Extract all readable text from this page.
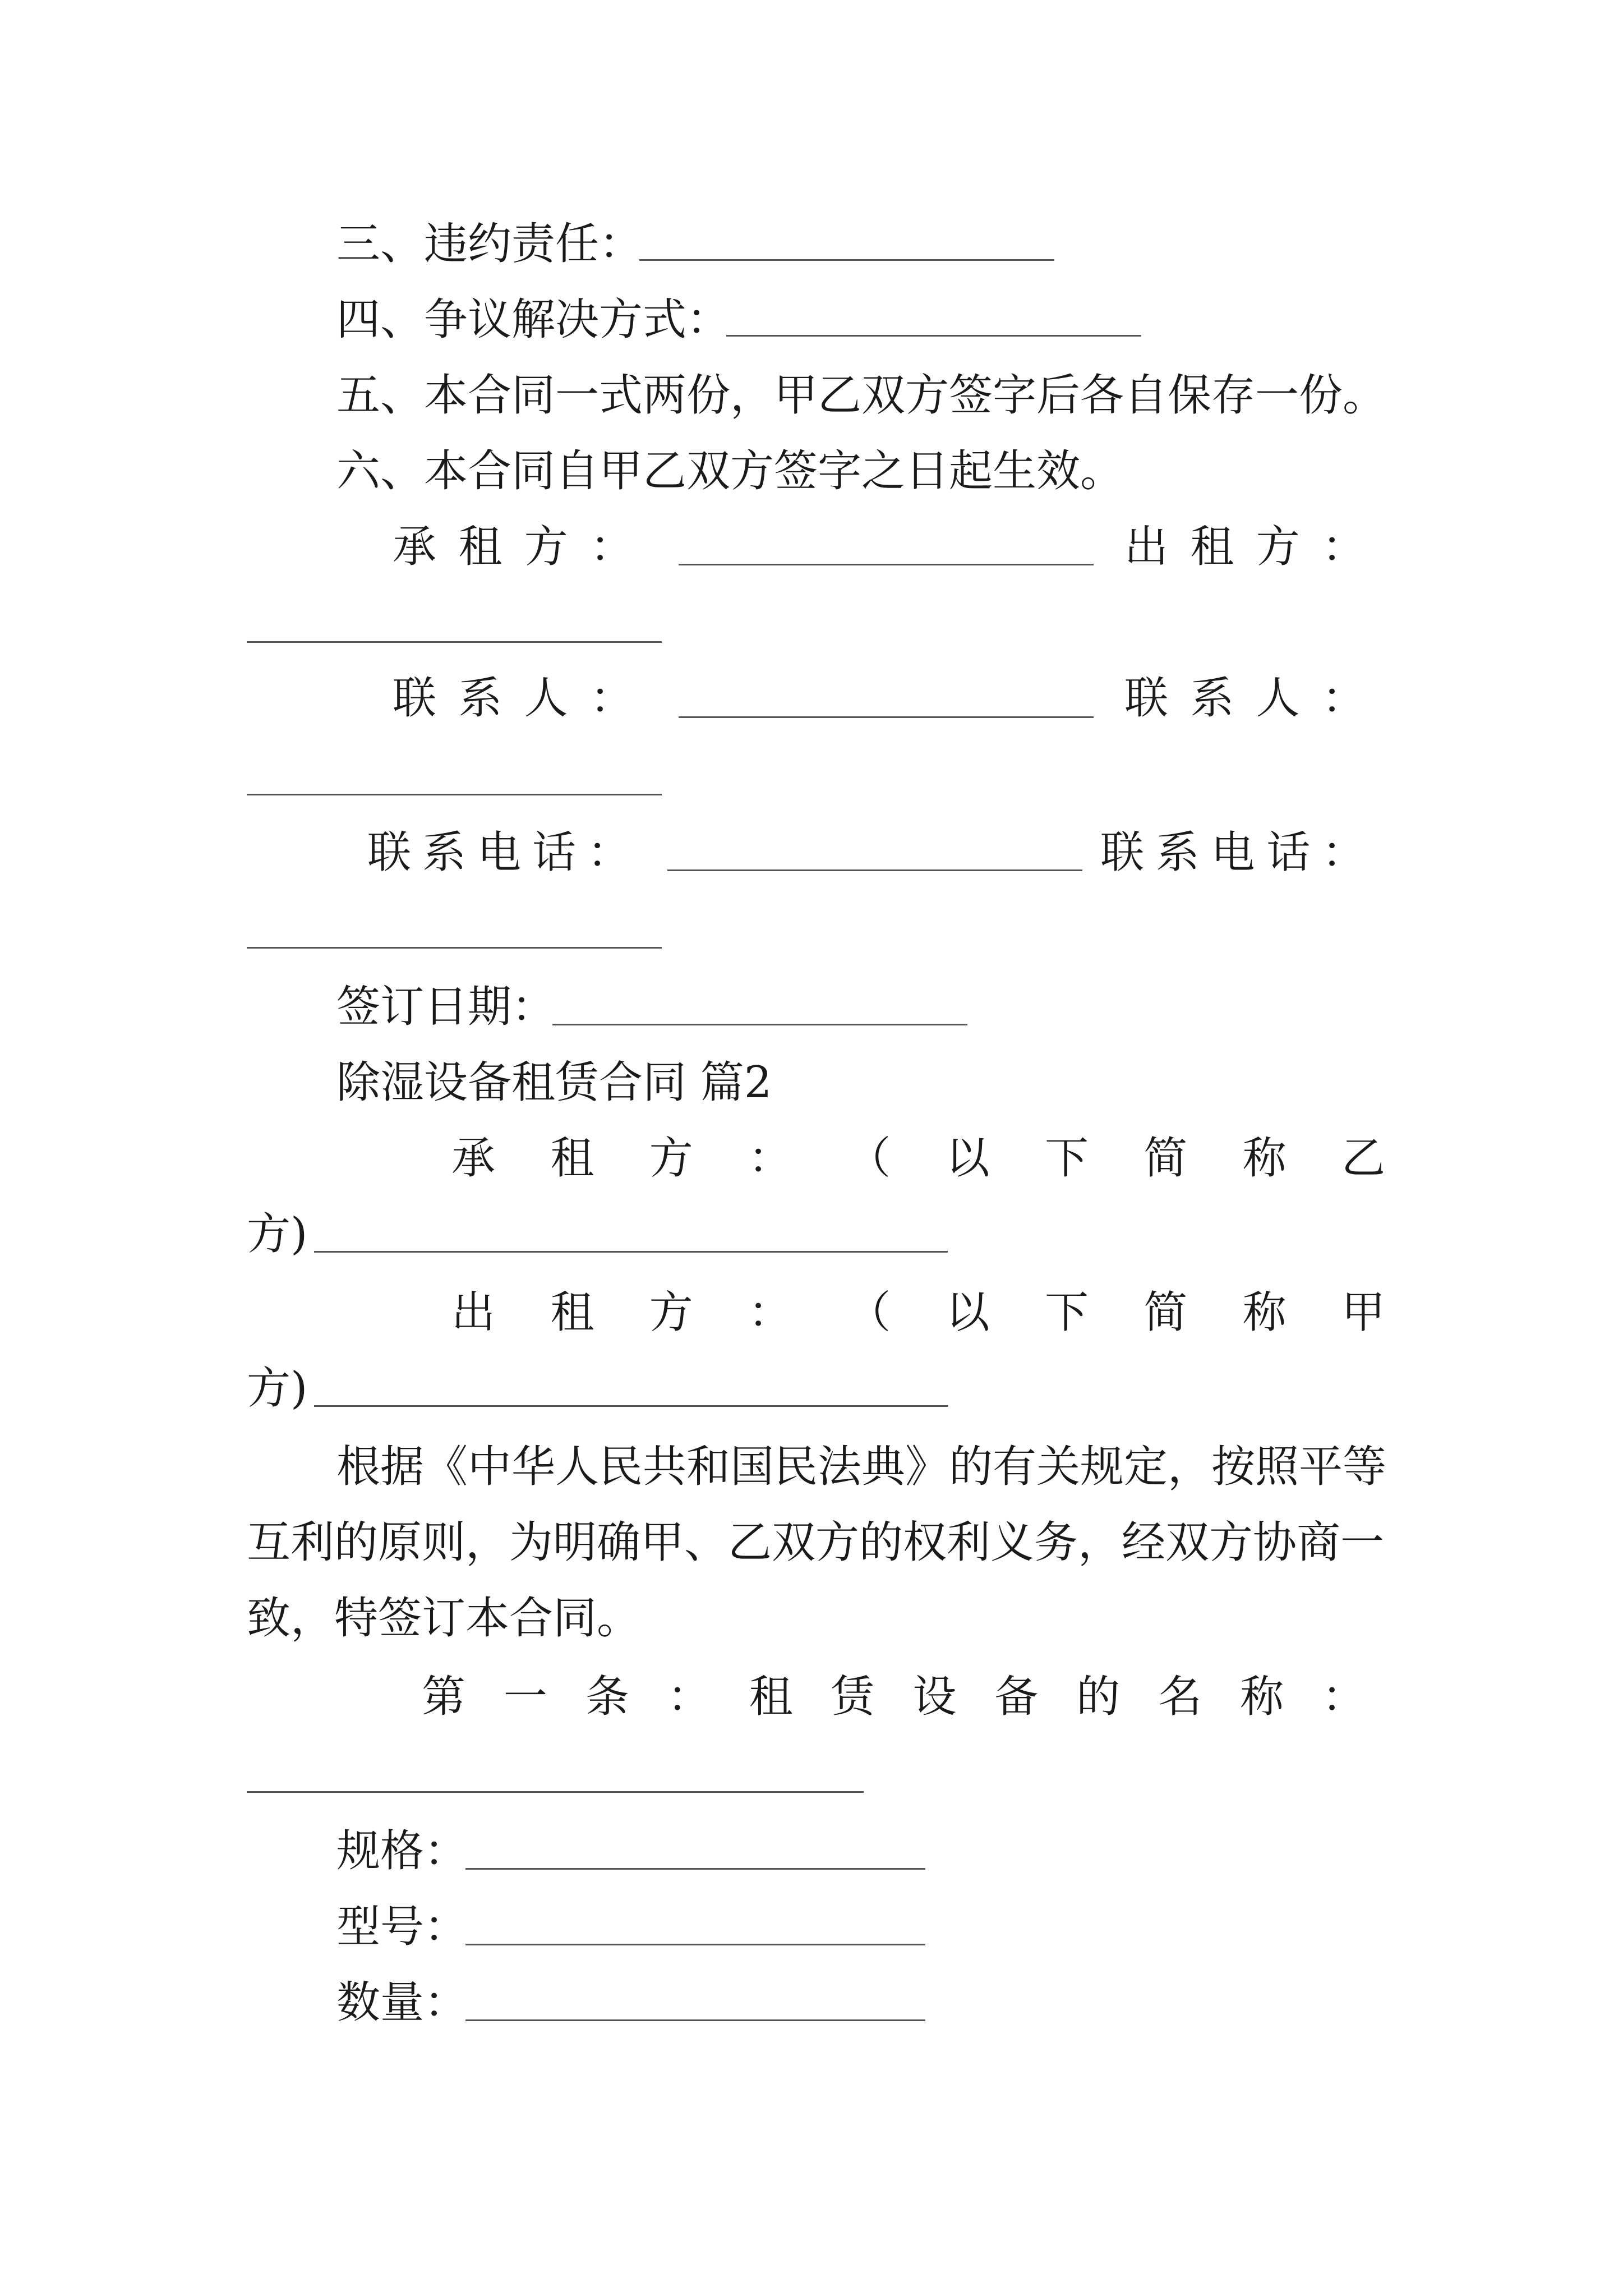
三、违约责任：
四、争议解决方式：
五、本合同一式两份，甲乙双方签字后各自保存一份。
六、本合同自甲乙双方签字之日起生效。
承 租 方 ：	出 租 方 ：
联 系 人 ：	联 系 人 ：
联 系 电 话 ：	联 系 电 话 ：
签订日期：
除湿设备租赁合同 篇2
承 租 方 ： （ 以 下 简 称 乙
方)
出 租 方 ： （ 以 下 简 称 甲
方)
根据《中华人民共和国民法典》的有关规定，按照平等
互利的原则，为明确甲、乙双方的权利义务，经双方协商一
致，特签订本合同。
第 一 条 ： 租 赁 设 备 的 名 称 ：
规格：
型号：
数量：
